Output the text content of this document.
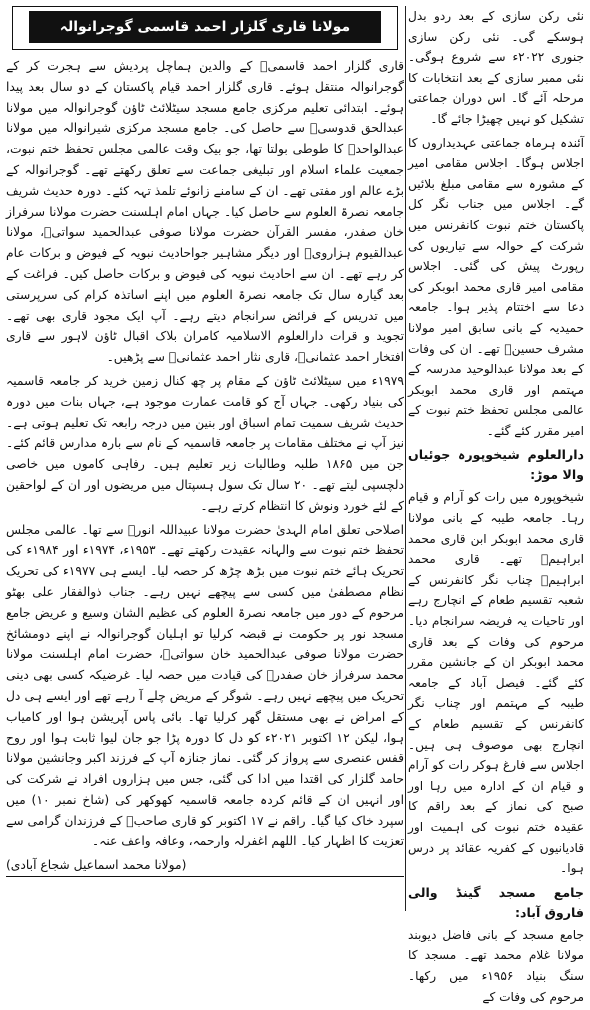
مولانا قاری گلزار احمد قاسمی گوجرانوالہ

قاری گلزار احمد قاسمیؒ کے والدین ہماچل پردیش سے ہجرت کر کے گوجرانوالہ منتقل ہوئے۔ قاری گلزار احمد قیام پاکستان کے دو سال بعد پیدا ہوئے۔ ابتدائی تعلیم مرکزی جامع مسجد سیٹلائٹ ٹاؤن گوجرانوالہ میں مولانا عبدالحق قدوسیؒ سے حاصل کی۔ جامع مسجد مرکزی شیرانوالہ میں مولانا عبدالواحدؒ کا طوطی بولتا تھا، جو بیک وقت عالمی مجلس تحفظ ختم نبوت، جمعیت علماء اسلام اور تبلیغی جماعت سے تعلق رکھتے تھے۔ گوجرانوالہ کے بڑے عالم اور مفتی تھے۔ ان کے سامنے زانوئے تلمذ تہہ کئے۔ دورہ حدیث شریف جامعہ نصرۃ العلوم سے حاصل کیا۔ جہاں امام اہلسنت حضرت مولانا سرفراز خان صفدر، مفسر القرآن حضرت مولانا صوفی عبدالحمید سواتیؒ، مولانا عبدالقیوم ہزارویؒ اور دیگر مشاہیر جواحادیث نبویہ کے فیوض و برکات عام کر رہے تھے۔ ان سے احادیث نبویہ کی فیوض و برکات حاصل کیں۔ فراغت کے بعد گیارہ سال تک جامعہ نصرۃ العلوم میں اپنے اساتذہ کرام کی سرپرستی میں تدریس کے فرائض سرانجام دیتے رہے۔ آپ ایک مجود قاری بھی تھے۔ تجوید و قرات دارالعلوم الاسلامیہ کامران بلاک اقبال ٹاؤن لاہور سے قاری افتخار احمد عثمانیؒ، قاری نثار احمد عثمانیؒ سے پڑھیں۔

۱۹۷۹ء میں سیٹلائٹ ٹاؤن کے مقام پر چھ کنال زمین خرید کر جامعہ قاسمیہ کی بنیاد رکھی۔ جہاں آج کو قامت عمارت موجود ہے، جہاں بنات میں دورہ حدیث شریف سمیت تمام اسباق اور بنین میں درجہ رابعہ تک تعلیم ہوتی ہے۔ نیز آپ نے مختلف مقامات پر جامعہ قاسمیہ کے نام سے بارہ مدارس قائم کئے۔ جن میں ۱۸۶۵ طلبہ وطالبات زیر تعلیم ہیں۔ رفاہی کاموں میں خاصی دلچسپی لیتے تھے۔ ۲۰ سال تک سول ہسپتال میں مریضوں اور ان کے لواحقین کے لئے خورد ونوش کا انتظام کرتے رہے۔

اصلاحی تعلق امام الہدیٰ حضرت مولانا عبیداللہ انورؒ سے تھا۔ عالمی مجلس تحفظ ختم نبوت سے والہانہ عقیدت رکھتے تھے۔ ۱۹۵۳ء، ۱۹۷۴ء اور ۱۹۸۴ء کی تحریک ہائے ختم نبوت میں بڑھ چڑھ کر حصہ لیا۔ ایسے ہی ۱۹۷۷ء کی تحریک نظام مصطفیٰ میں کسی سے پیچھے نہیں رہے۔ جناب ذوالفقار علی بھٹو مرحوم کے دور میں جامعہ نصرۃ العلوم کی عظیم الشان وسیع و عریض جامع مسجد نور پر حکومت نے قبضہ کرلیا تو اہلیان گوجرانوالہ نے اپنے دومشائخ حضرت مولانا صوفی عبدالحمید خان سواتیؒ، حضرت امام اہلسنت مولانا محمد سرفراز خان صفدرؒ کی قیادت میں حصہ لیا۔ غرضیکہ کسی بھی دینی تحریک میں پیچھے نہیں رہے۔ شوگر کے مریض چلے آ رہے تھے اور ایسے ہی دل کے امراض نے بھی مستقل گھر کرلیا تھا۔ بائی پاس آپریشن ہوا اور کامیاب ہوا، لیکن ۱۲ اکتوبر ۲۰۲۱ء کو دل کا دورہ پڑا جو جان لیوا ثابت ہوا اور روح قفس عنصری سے پرواز کر گئی۔ نماز جنازہ آپ کے فرزند اکبر وجانشین مولانا حامد گلزار کی اقتدا میں ادا کی گئی، جس میں ہزاروں افراد نے شرکت کی اور انہیں ان کے قائم کردہ جامعہ قاسمیہ کھوکھر کی (شاخ نمبر ۱۰) میں سپرد خاک کیا گیا۔ راقم نے ۱۷ اکتوبر کو قاری صاحبؒ کے فرزندان گرامی سے تعزیت کا اظہار کیا۔ اللھم اغفرلہ وارحمہ، وعافہ واعف عنہ۔

(مولانا محمد اسماعیل شجاع آبادی)

نئی رکن سازی کے بعد ردو بدل ہوسکے گی۔ نئی رکن سازی جنوری ۲۰۲۲ء سے شروع ہوگی۔ نئی ممبر سازی کے بعد انتخابات کا مرحلہ آئے گا۔ اس دوران جماعتی تشکیل کو نہیں چھیڑا جائے گا۔

آئندہ ہرماہ جماعتی عہدیداروں کا اجلاس ہوگا۔ اجلاس مقامی امیر کے مشورہ سے مقامی مبلغ بلائیں گے۔ اجلاس میں جناب نگر کل پاکستان ختم نبوت کانفرنس میں شرکت کے حوالہ سے تیاریوں کی رپورٹ پیش کی گئی۔ اجلاس مقامی امیر قاری محمد ابوبکر کی دعا سے اختتام پذیر ہوا۔ جامعہ حمیدیہ کے بانی سابق امیر مولانا مشرف حسینؒ تھے۔ ان کی وفات کے بعد مولانا عبدالوحید مدرسہ کے مہتمم اور قاری محمد ابوبکر عالمی مجلس تحفظ ختم نبوت کے امیر مقرر کئے گئے۔

دارالعلوم شیخوپورہ جوئیاں والا موڑ:

شیخوپورہ میں رات کو آرام و قیام رہا۔ جامعہ طیبہ کے بانی مولانا قاری محمد ابوبکر ابن قاری محمد ابراہیمؒ تھے۔ قاری محمد ابراہیمؒ چناب نگر کانفرنس کے شعبہ تقسیم طعام کے انچارج رہے اور تاحیات یہ فریضہ سرانجام دیا۔ مرحوم کی وفات کے بعد قاری محمد ابوبکر ان کے جانشین مقرر کئے گئے۔ فیصل آباد کے جامعہ طیبہ کے مہتمم اور چناب نگر کانفرنس کے تقسیم طعام کے انچارج بھی موصوف ہی ہیں۔ اجلاس سے فارغ ہوکر رات کو آرام و قیام ان کے ادارہ میں رہا اور صبح کی نماز کے بعد راقم کا عقیدہ ختم نبوت کی اہمیت اور قادیانیوں کے کفریہ عقائد پر درس ہوا۔

جامع مسجد گینڈ والی فاروق آباد:

جامع مسجد کے بانی فاضل دیوبند مولانا غلام محمد تھے۔ مسجد کا سنگ بنیاد ۱۹۵۶ء میں رکھا۔ مرحوم کی وفات کے
